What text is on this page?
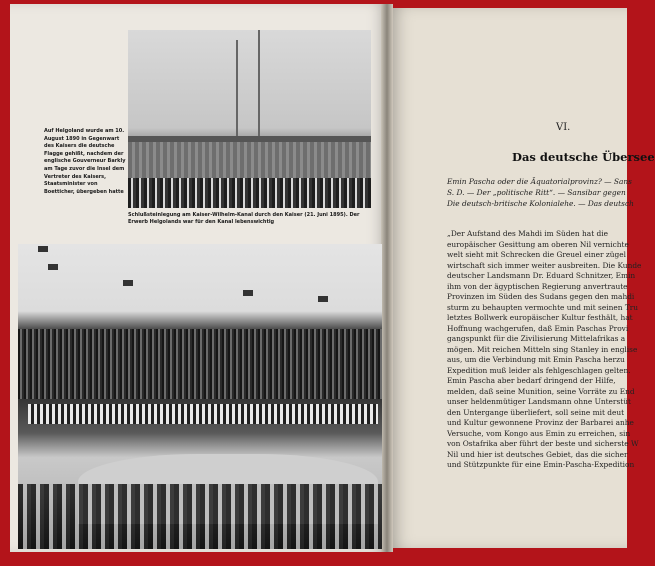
Auf Helgoland wurde am 10. August 1890 in Gegenwart des Kaisers die deutsche Flagge gehißt, nachdem der englische Gouverneur Barkly am Tage zuvor die Insel dem Vertreter des Kaisers, Staatsminister von Boetticher, übergeben hatte
Schlußsteinlegung am Kaiser-Wilhelm-Kanal durch den Kaiser (21. Juni 1895). Der Erwerb Helgolands war für den Kanal lebenswichtig
VI.
Das deutsche Übersee
Emin Pascha oder die Äquatorialprovinz? — Sans
S. D. — Der „politische Ritt“. — Sansibar gegen
Die deutsch-britische Kolonialehe. — Das deutsch
„Der Aufstand des Mahdi im Süden hat die
europäischer Gesittung am oberen Nil vernichte
welt sieht mit Schrecken die Greuel einer zügel
wirtschaft sich immer weiter ausbreiten. Die Kunde
deutscher Landsmann Dr. Eduard Schnitzer, Emin
ihm von der ägyptischen Regierung anvertraute
Provinzen im Süden des Sudans gegen den mahdi
sturm zu behaupten vermochte und mit seinen Tru
letztes Bollwerk europäischer Kultur festhält, hat
Hoffnung wachgerufen, daß Emin Paschas Provi
gangspunkt für die Zivilisierung Mittelafrikas a
mögen. Mit reichen Mitteln sing Stanley in englise
aus, um die Verbindung mit Emin Pascha herzu
Expedition muß leider als fehlgeschlagen gelten.
Emin Pascha aber bedarf dringend der Hilfe,
melden, daß seine Munition, seine Vorräte zu End
unser heldenmütiger Landsmann ohne Unterstüt
den Untergange überliefert, soll seine mit deut
und Kultur gewonnene Provinz der Barbarei anhe
Versuche, vom Kongo aus Emin zu erreichen, sin
von Ostafrika aber führt der beste und sicherste W
Nil und hier ist deutsches Gebiet, das die sicher
und Stützpunkte für eine Emin-Pascha-Expedition
